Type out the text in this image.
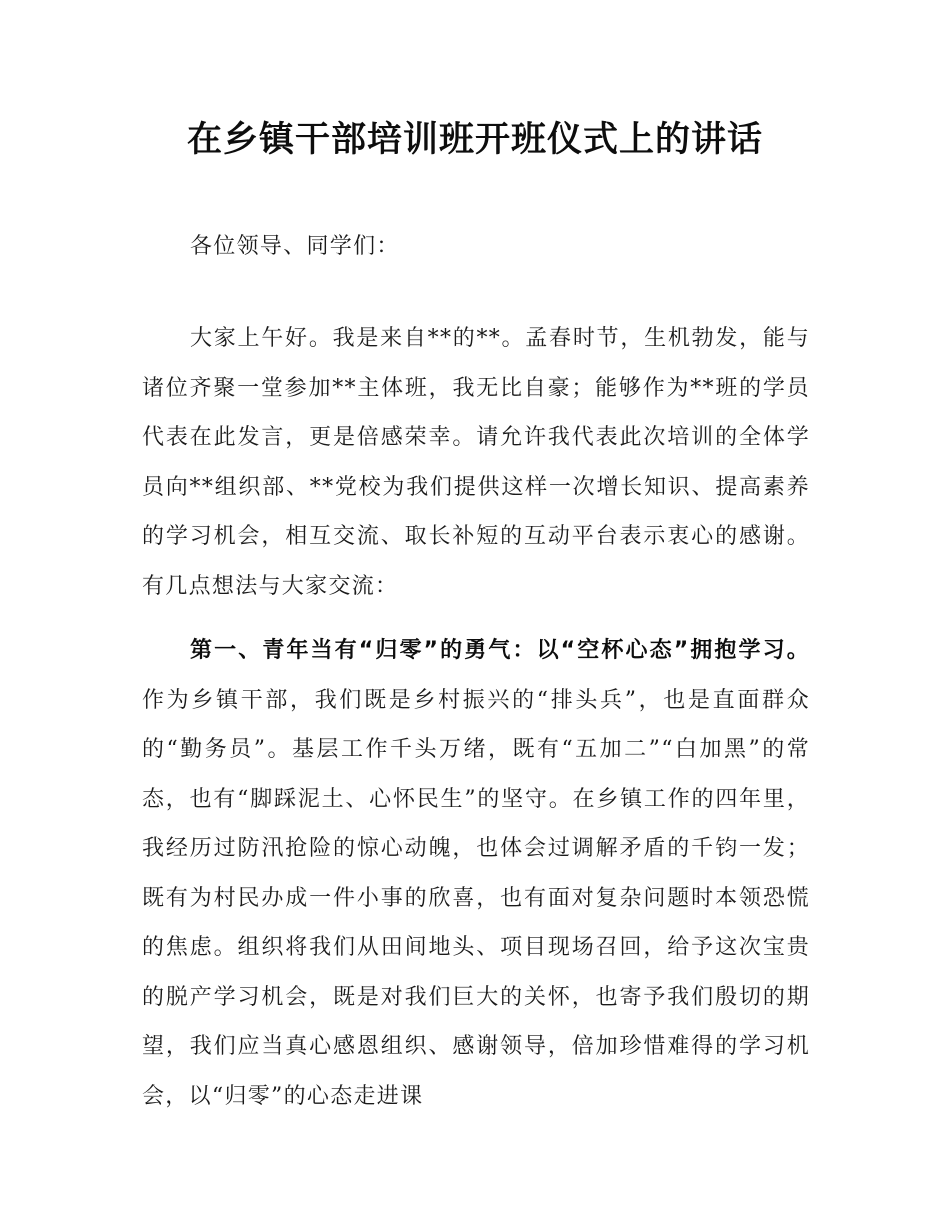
在乡镇干部培训班开班仪式上的讲话

各位领导、同学们：

大家上午好。我是来自**的**。孟春时节，生机勃发，能与诸位齐聚一堂参加**主体班，我无比自豪；能够作为**班的学员代表在此发言，更是倍感荣幸。请允许我代表此次培训的全体学员向**组织部、**党校为我们提供这样一次增长知识、提高素养的学习机会，相互交流、取长补短的互动平台表示衷心的感谢。有几点想法与大家交流：

第一、青年当有“归零”的勇气：以“空杯心态”拥抱学习。作为乡镇干部，我们既是乡村振兴的“排头兵”，也是直面群众的“勤务员”。基层工作千头万绪，既有“五加二”“白加黑”的常态，也有“脚踩泥土、心怀民生”的坚守。在乡镇工作的四年里，我经历过防汛抢险的惊心动魄，也体会过调解矛盾的千钧一发；既有为村民办成一件小事的欣喜，也有面对复杂问题时本领恐慌的焦虑。组织将我们从田间地头、项目现场召回，给予这次宝贵的脱产学习机会，既是对我们巨大的关怀，也寄予我们殷切的期望，我们应当真心感恩组织、感谢领导，倍加珍惜难得的学习机会，以“归零”的心态走进课
